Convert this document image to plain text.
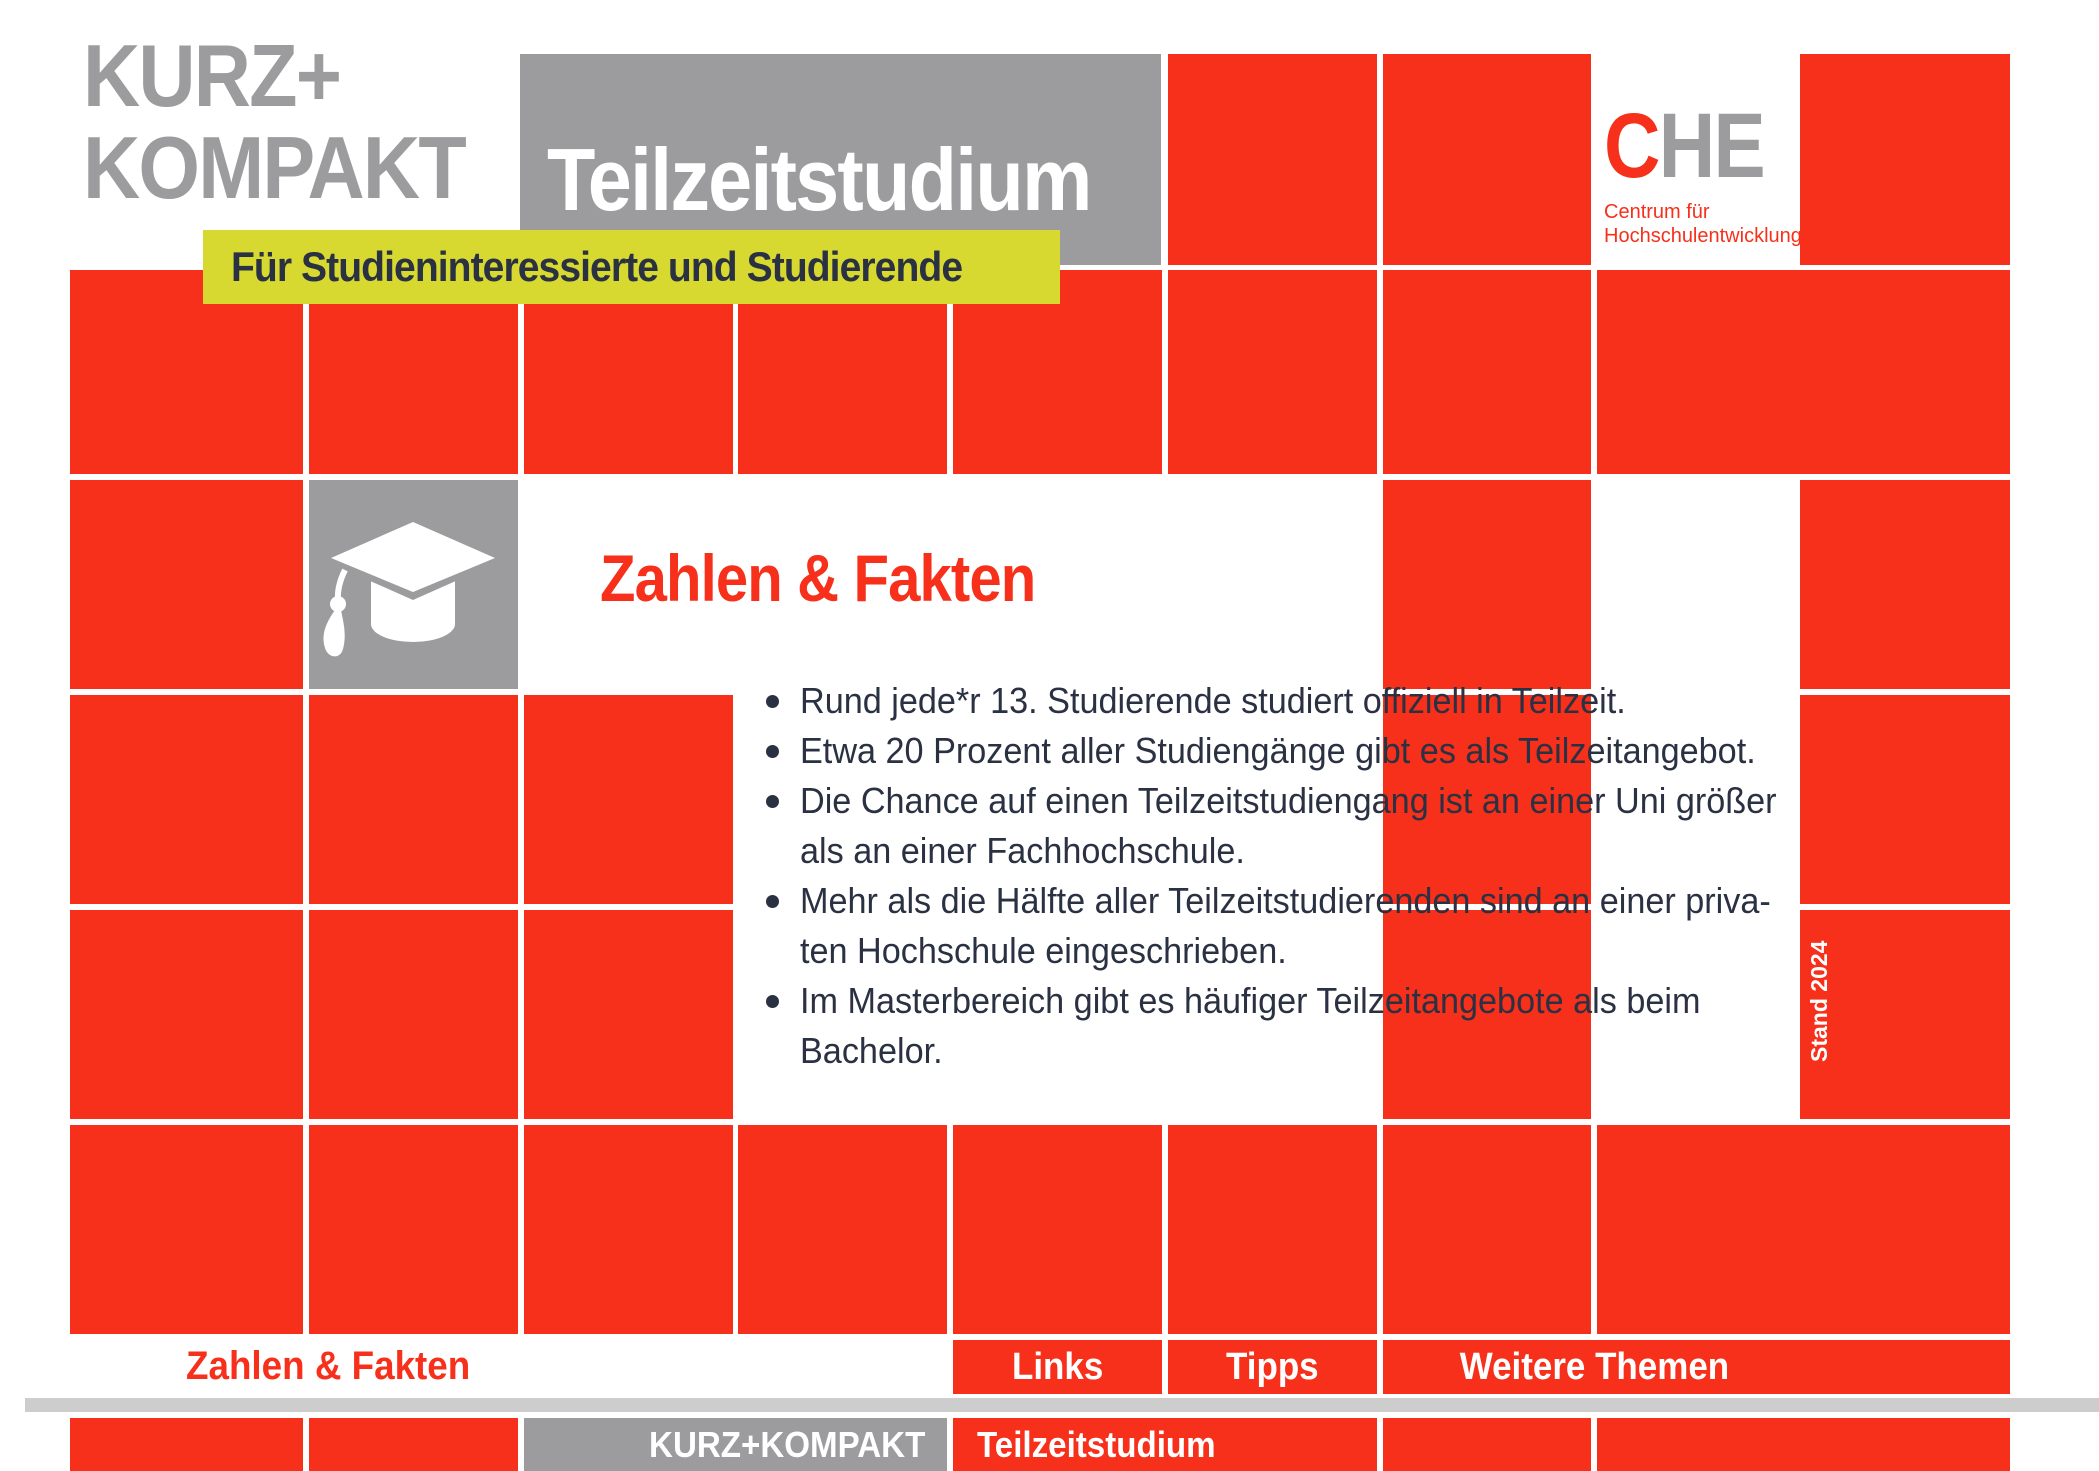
KURZ+
KOMPAKT Teilzeitstudium
Für Studieninteressierte und Studierende
CHE
Centrum für
Hochschulentwicklung
Zahlen & Fakten
Rund jede*r 13. Studierende studiert offiziell in Teilzeit.
Etwa 20 Prozent aller Studiengänge gibt es als Teilzeitangebot.
Die Chance auf einen Teilzeitstudiengang ist an einer Uni größer
als an einer Fachhochschule.
Mehr als die Hälfte aller Teilzeitstudierenden sind an einer priva-
ten Hochschule eingeschrieben.
Im Masterbereich gibt es häufiger Teilzeitangebote als beim
Bachelor.	Stand 2024
Zahlen & Fakten	Links	Tipps	Weitere Themen
KURZ+KOMPAKT Teilzeitstudium
